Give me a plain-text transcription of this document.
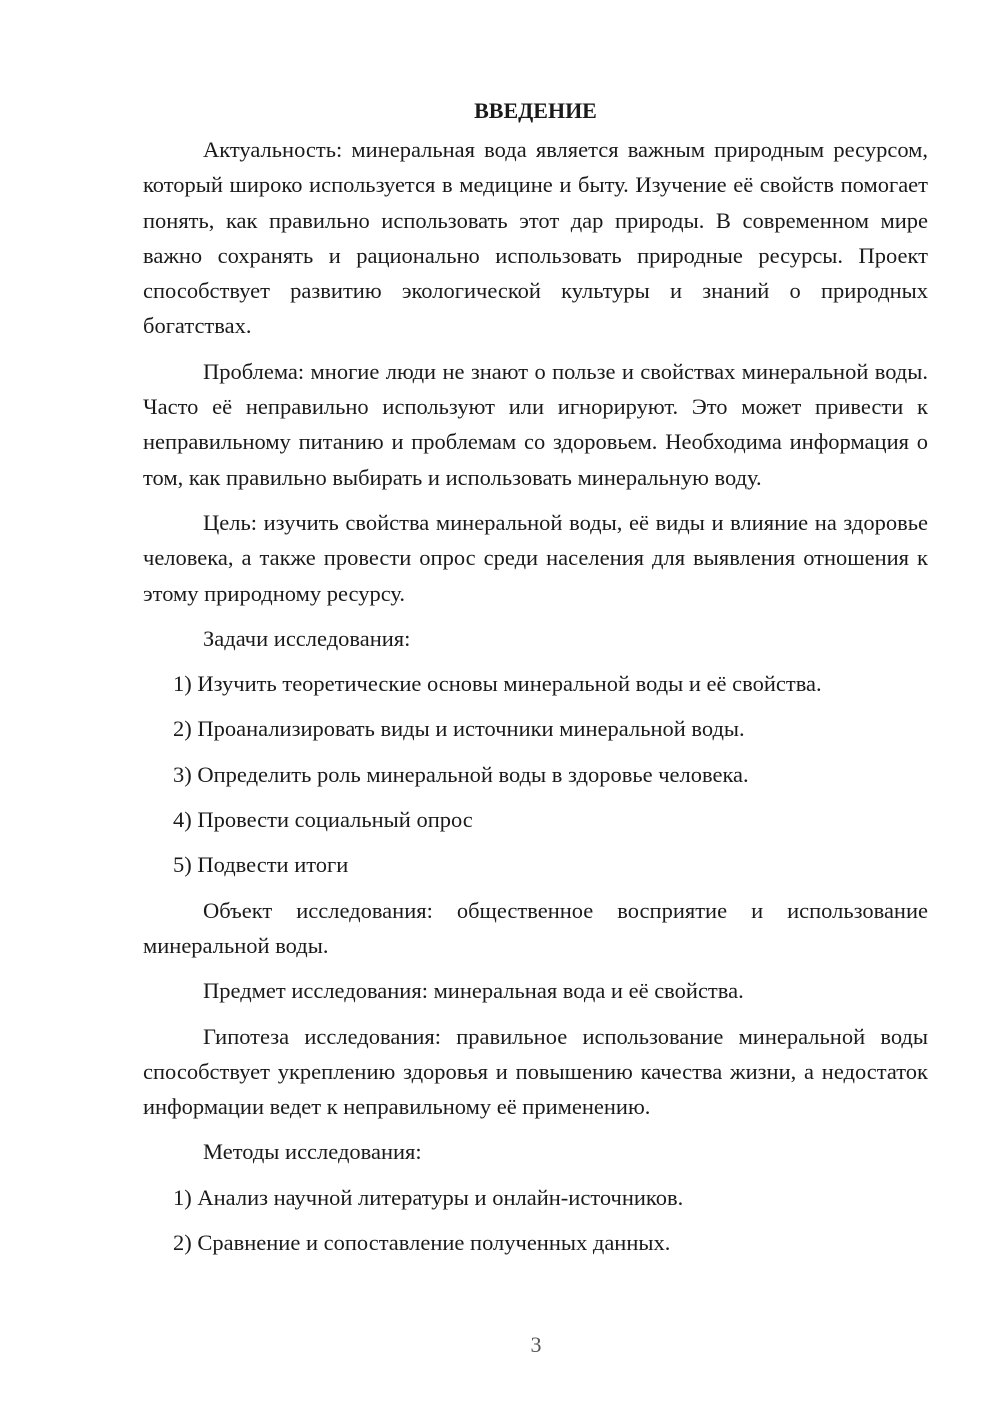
ВВЕДЕНИЕ

Актуальность: минеральная вода является важным природным ресурсом, который широко используется в медицине и быту. Изучение её свойств помогает понять, как правильно использовать этот дар природы. В современном мире важно сохранять и рационально использовать природные ресурсы. Проект способствует развитию экологической культуры и знаний о природных богатствах.

Проблема: многие люди не знают о пользе и свойствах минеральной воды. Часто её неправильно используют или игнорируют. Это может привести к неправильному питанию и проблемам со здоровьем. Необходима информация о том, как правильно выбирать и использовать минеральную воду.

Цель: изучить свойства минеральной воды, её виды и влияние на здоровье человека, а также провести опрос среди населения для выявления отношения к этому природному ресурсу.

Задачи исследования:

1) Изучить теоретические основы минеральной воды и её свойства.

2) Проанализировать виды и источники минеральной воды.

3) Определить роль минеральной воды в здоровье человека.

4) Провести социальный опрос

5) Подвести итоги

Объект исследования: общественное восприятие и использование минеральной воды.

Предмет исследования: минеральная вода и её свойства.

Гипотеза исследования: правильное использование минеральной воды способствует укреплению здоровья и повышению качества жизни, а недостаток информации ведет к неправильному её применению.

Методы исследования:

1) Анализ научной литературы и онлайн-источников.

2) Сравнение и сопоставление полученных данных.

3
